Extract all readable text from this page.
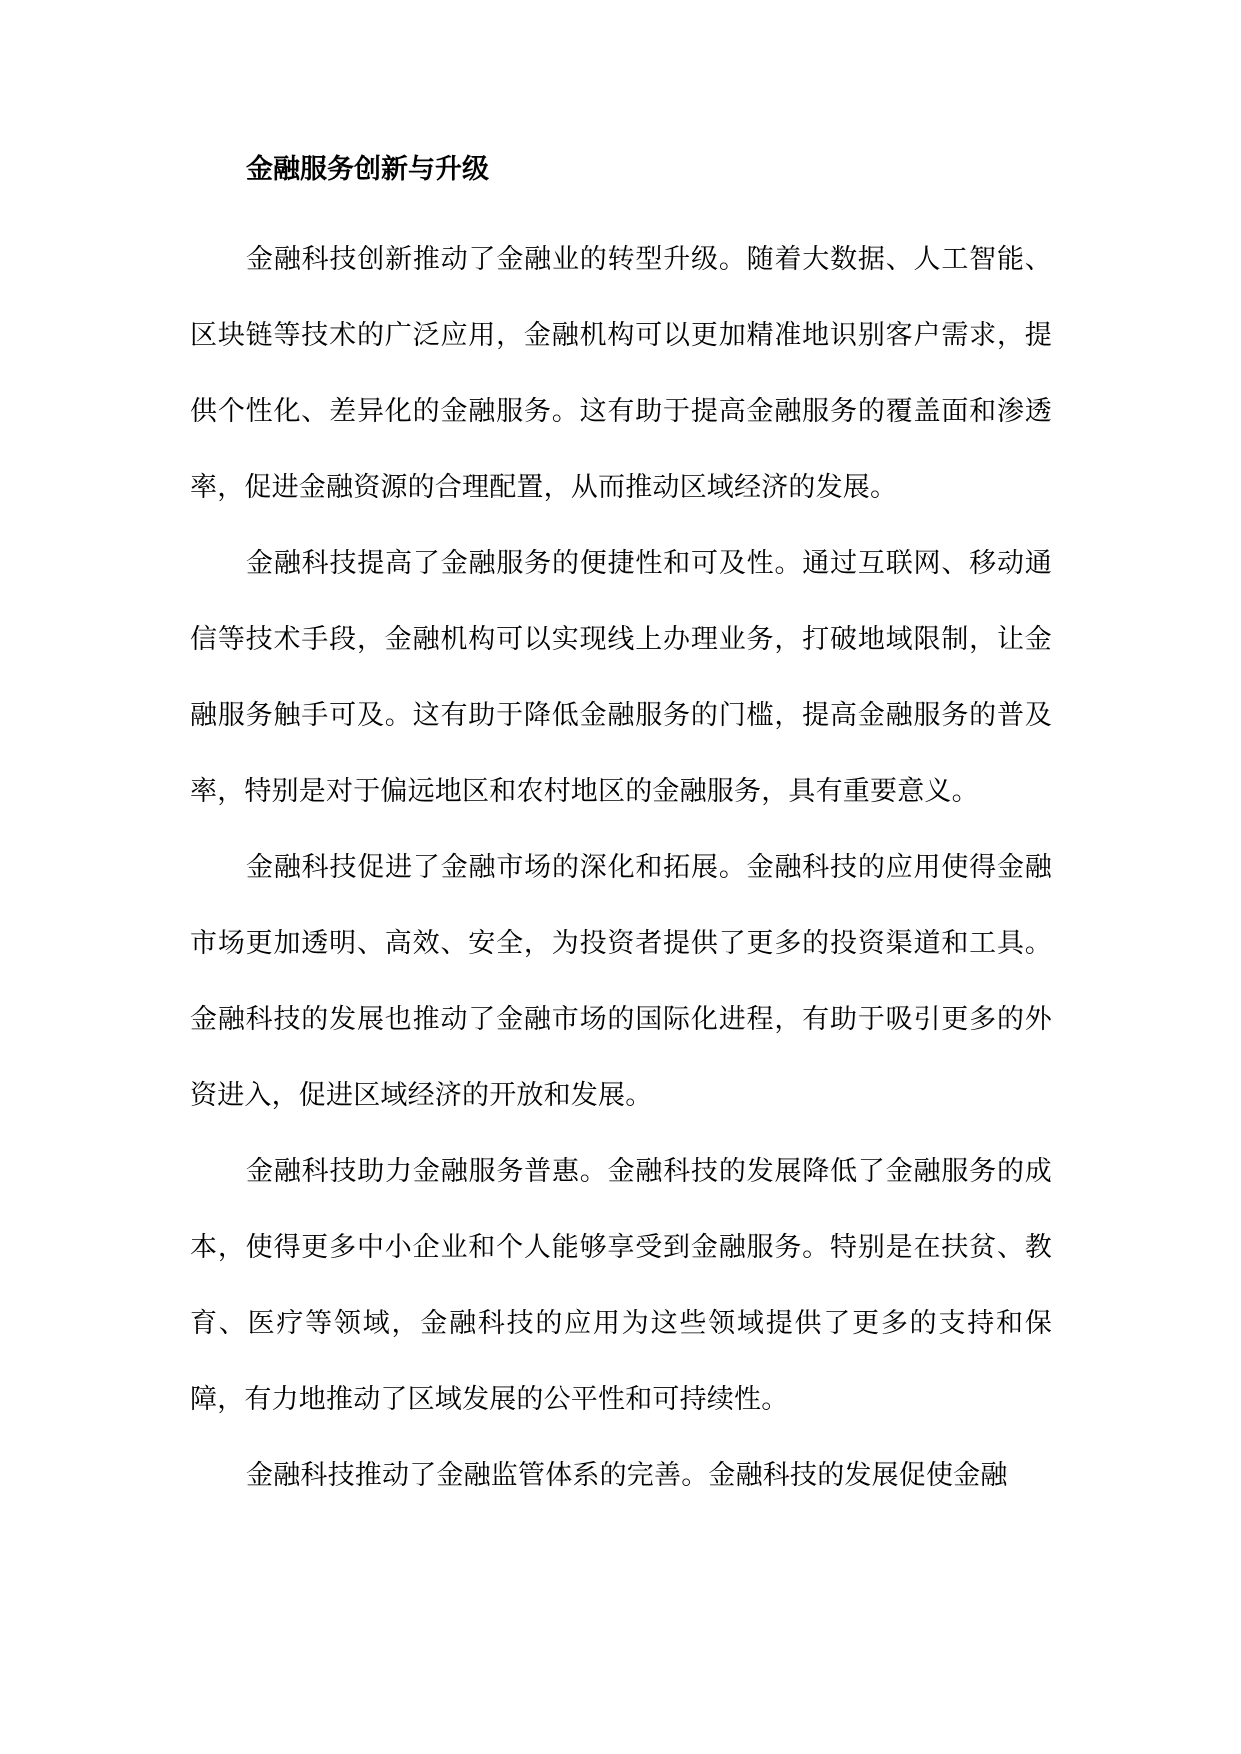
金融服务创新与升级

金融科技创新推动了金融业的转型升级。随着大数据、人工智能、区块链等技术的广泛应用，金融机构可以更加精准地识别客户需求，提供个性化、差异化的金融服务。这有助于提高金融服务的覆盖面和渗透率，促进金融资源的合理配置，从而推动区域经济的发展。

金融科技提高了金融服务的便捷性和可及性。通过互联网、移动通信等技术手段，金融机构可以实现线上办理业务，打破地域限制，让金融服务触手可及。这有助于降低金融服务的门槛，提高金融服务的普及率，特别是对于偏远地区和农村地区的金融服务，具有重要意义。

金融科技促进了金融市场的深化和拓展。金融科技的应用使得金融市场更加透明、高效、安全，为投资者提供了更多的投资渠道和工具。金融科技的发展也推动了金融市场的国际化进程，有助于吸引更多的外资进入，促进区域经济的开放和发展。

金融科技助力金融服务普惠。金融科技的发展降低了金融服务的成本，使得更多中小企业和个人能够享受到金融服务。特别是在扶贫、教育、医疗等领域，金融科技的应用为这些领域提供了更多的支持和保障，有力地推动了区域发展的公平性和可持续性。

金融科技推动了金融监管体系的完善。金融科技的发展促使金融
